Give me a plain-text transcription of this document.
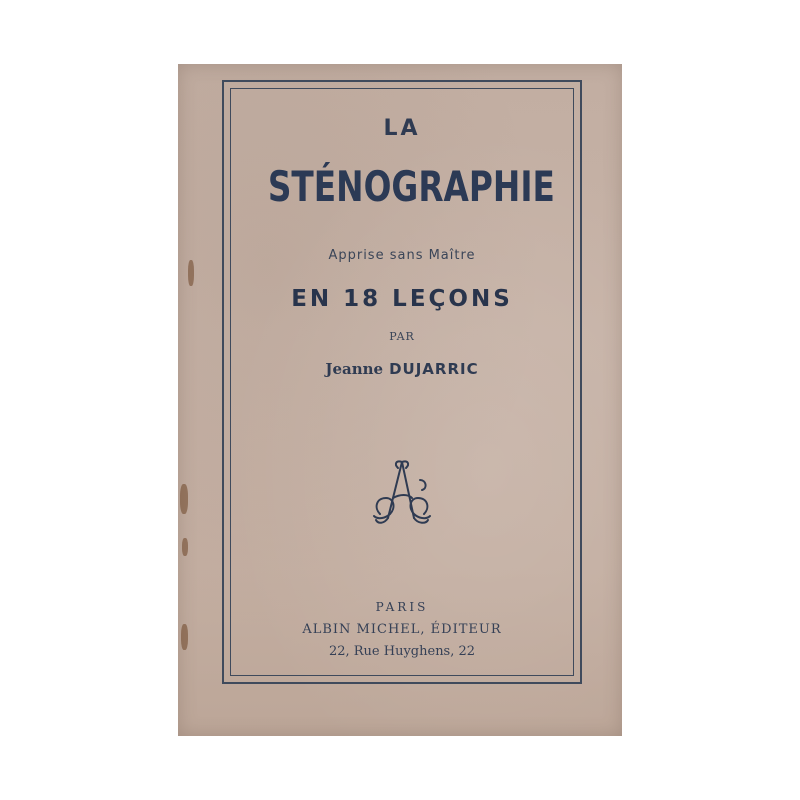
LA
STÉNOGRAPHIE
Apprise sans Maître
EN 18 LEÇONS
PAR
Jeanne DUJARRIC
PARIS
ALBIN MICHEL, ÉDITEUR
22, Rue Huyghens, 22
